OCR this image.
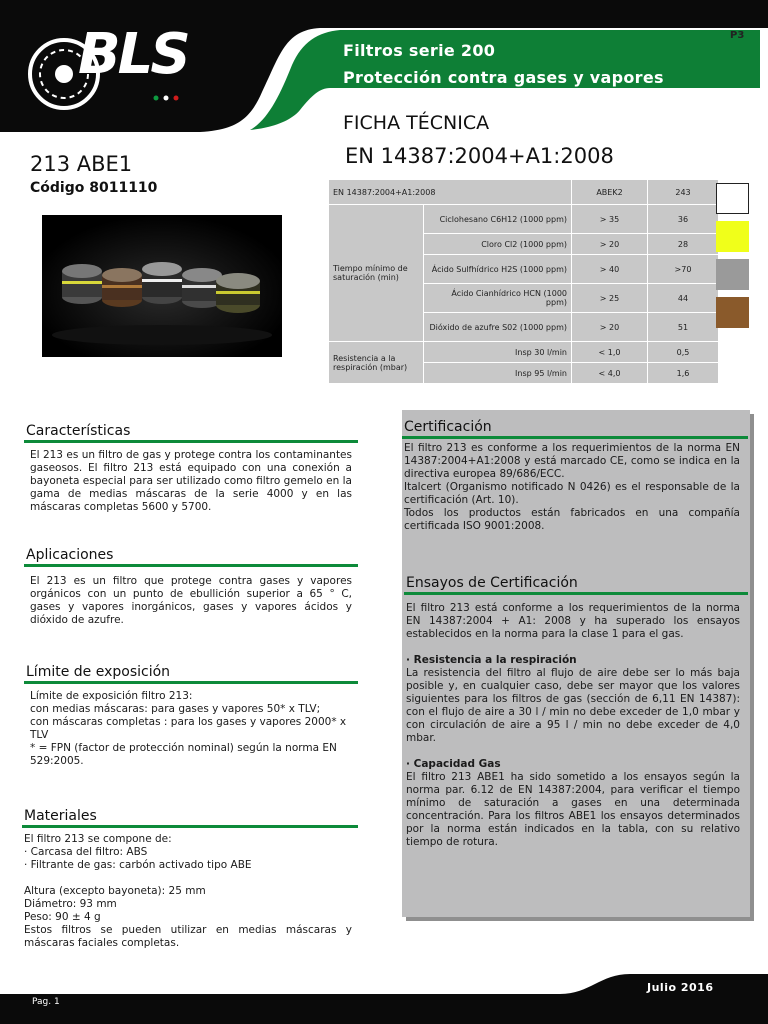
BLS	Filtros serie 200
Protección contra gases y vapores
P3
FICHA TÉCNICA
EN 14387:2004+A1:2008
213 ABE1
Código 8011110	EN 14387:2004+A1:2008		ABEK2	243
Tiempo mínimo de saturación (min)	Ciclohesano C6H12 (1000 ppm)	> 35	36
	Cloro Cl2 (1000 ppm)	> 20	28
	Ácido Sulfhídrico H2S (1000 ppm)	> 40	>70
	Ácido Cianhídrico HCN (1000 ppm)	> 25	44
	Dióxido de azufre S02 (1000 ppm)	> 20	51
Resistencia a la respiración (mbar)	Insp 30 l/min	< 1,0	0,5
	Insp 95 l/min	< 4,0	1,6
Características
El 213 es un filtro de gas y protege contra los contaminantes gaseosos. El filtro 213 está equipado con una conexión a bayoneta especial para ser utilizado como filtro gemelo en la gama de medias máscaras de la serie 4000 y en las máscaras completas 5600 y 5700.
Aplicaciones
El 213 es un filtro que protege contra gases y vapores orgánicos con un punto de ebullición superior a 65 ° C, gases y vapores inorgánicos, gases y vapores ácidos y dióxido de azufre.
Límite de exposición
Límite de exposición filtro 213:
con medias máscaras: para gases y vapores 50* x TLV;
con máscaras completas : para los gases y vapores 2000* x TLV
* = FPN (factor de protección nominal) según la norma EN 529:2005.
Materiales
El filtro 213 se compone de:
· Carcasa del filtro: ABS
· Filtrante de gas: carbón activado tipo ABE
Altura (excepto bayoneta): 25 mm
Diámetro: 93 mm
Peso: 90 ± 4 g
Estos filtros se pueden utilizar en medias máscaras y máscaras faciales completas.
Certificación
El filtro 213 es conforme a los requerimientos de la norma EN 14387:2004+A1:2008 y está marcado CE, como se indica en la directiva europea 89/686/ECC.
Italcert (Organismo notificado N 0426) es el responsable de la certificación (Art. 10).
Todos los productos están fabricados en una compañía certificada ISO 9001:2008.
Ensayos de Certificación
El filtro 213 está conforme a los requerimientos de la norma EN 14387:2004 + A1: 2008 y ha superado los ensayos establecidos en la norma para la clase 1 para el gas.
· Resistencia a la respiración
La resistencia del filtro al flujo de aire debe ser lo más baja posible y, en cualquier caso, debe ser mayor que los valores siguientes para los filtros de gas (sección de 6,11 EN 14387): con el flujo de aire a 30 l / min no debe exceder de 1,0 mbar y con circulación de aire a 95 l / min no debe exceder de 4,0 mbar.
· Capacidad Gas
El filtro 213 ABE1 ha sido sometido a los ensayos según la norma par. 6.12 de EN 14387:2004, para verificar el tiempo mínimo de saturación a gases en una determinada concentración. Para los filtros ABE1 los ensayos determinados por la norma están indicados en la tabla, con su relativo tiempo de rotura.
Pag. 1
Julio 2016
